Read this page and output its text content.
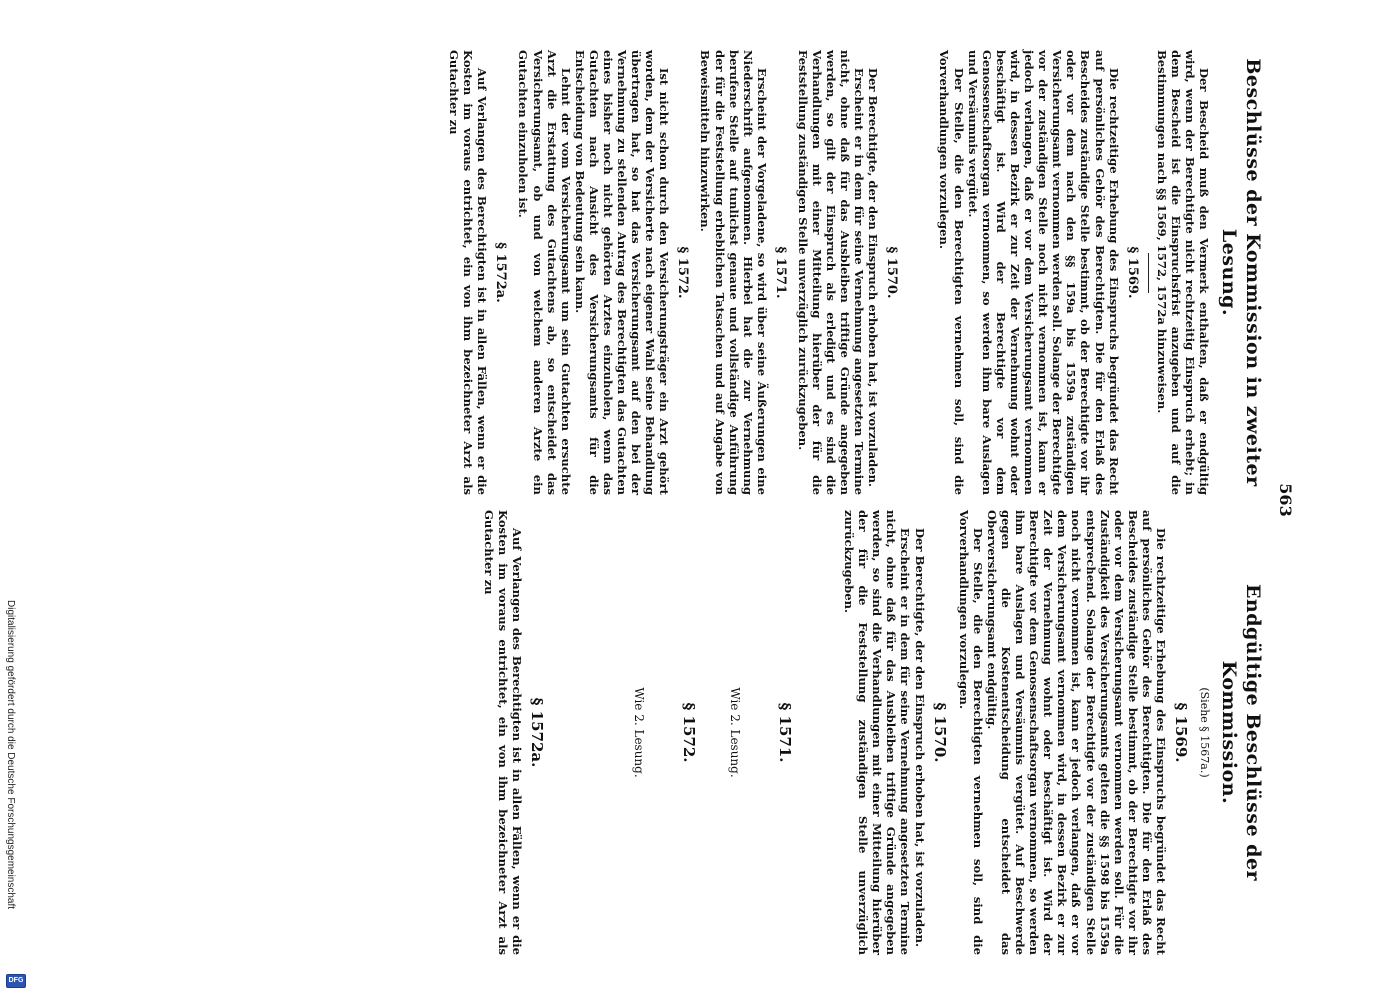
563
Beschlüsse der Kommission in zweiter Lesung.

Der Bescheid muß den Vermerk enthalten, daß er endgültig wird, wenn der Berechtigte nicht rechtzeitig Einspruch erhebt; in dem Bescheid ist die Einspruchsfrist anzugeben und auf die Bestimmungen nach §§ 1569, 1572, 1572a hinzuweisen.

§ 1569.

Die rechtzeitige Erhebung des Einspruchs begründet das Recht auf persönliches Gehör des Berechtigten. Die für den Erlaß des Bescheides zuständige Stelle bestimmt, ob der Berechtigte vor ihr oder vor dem nach den §§ 159a bis 1559a zuständigen Versicherungsamt vernommen werden soll. Solange der Berechtigte vor der zuständigen Stelle noch nicht vernommen ist, kann er jedoch verlangen, daß er vor dem Versicherungsamt vernommen wird, in dessen Bezirk er zur Zeit der Vernehmung wohnt oder beschäftigt ist. Wird der Berechtigte vor dem Genossenschaftsorgan vernommen, so werden ihm bare Auslagen und Versäumnis vergütet.

Der Stelle, die den Berechtigten vernehmen soll, sind die Vorverhandlungen vorzulegen.

§ 1570.

Der Berechtigte, der den Einspruch erhoben hat, ist vorzuladen.

Erscheint er in dem für seine Vernehmung angesetzten Termine nicht, ohne daß für das Ausbleiben triftige Gründe angegeben werden, so gilt der Einspruch als erledigt und es sind die Verhandlungen mit einer Mitteilung hierüber der für die Feststellung zuständigen Stelle unverzüglich zurückzugeben.

§ 1571.

Erscheint der Vorgeladene, so wird über seine Äußerungen eine Niederschrift aufgenommen. Hierbei hat die zur Vernehmung berufene Stelle auf tunlichst genaue und vollständige Anführung der für die Feststellung erheblichen Tatsachen und auf Angabe von Beweismitteln hinzuwirken.

§ 1572.

Ist nicht schon durch den Versicherungsträger ein Arzt gehört worden, dem der Versicherte nach eigener Wahl seine Behandlung übertragen hat, so hat das Versicherungsamt auf den bei der Vernehmung zu stellenden Antrag des Berechtigten das Gutachten eines bisher noch nicht gehörten Arztes einzuholen, wenn das Gutachten nach Ansicht des Versicherungsamts für die Entscheidung von Bedeutung sein kann.

Lehnt der vom Versicherungsamt um sein Gutachten ersuchte Arzt die Erstattung des Gutachtens ab, so entscheidet das Versicherungsamt, ob und von welchem anderen Arzte ein Gutachten einzuholen ist.

§ 1572a.

Auf Verlangen des Berechtigten ist in allen Fällen, wenn er die Kosten im voraus entrichtet, ein von ihm bezeichneter Arzt als Gutachter zu

Endgültige Beschlüsse der Kommission.
(Siehe § 1567a.)
§ 1569.

Die rechtzeitige Erhebung des Einspruchs begründet das Recht auf persönliches Gehör des Berechtigten. Die für den Erlaß des Bescheides zuständige Stelle bestimmt, ob der Berechtigte vor ihr oder vor dem Versicherungsamt vernommen werden soll. Für die Zuständigkeit des Versicherungsamts gelten die §§ 1598 bis 1559a entsprechend. Solange der Berechtigte vor der zuständigen Stelle noch nicht vernommen ist, kann er jedoch verlangen, daß er vor dem Versicherungsamt vernommen wird, in dessen Bezirk er zur Zeit der Vernehmung wohnt oder beschäftigt ist. Wird der Berechtigte vor dem Genossenschaftsorgan vernommen, so werden ihm bare Auslagen und Versäumnis vergütet. Auf Beschwerde gegen die Kostenentscheidung entscheidet das Oberversicherungsamt endgültig.

Der Stelle, die den Berechtigten vernehmen soll, sind die Vorverhandlungen vorzulegen.

§ 1570.

Der Berechtigte, der den Einspruch erhoben hat, ist vorzuladen.

Erscheint er in dem für seine Vernehmung angesetzten Termine nicht, ohne daß für das Ausbleiben triftige Gründe angegeben werden, so sind die Verhandlungen mit einer Mitteilung hierüber der für die Feststellung zuständigen Stelle unverzüglich zurückzugeben.

§ 1571.
Wie 2. Lesung.
§ 1572.
Wie 2. Lesung.
§ 1572a.

Auf Verlangen des Berechtigten ist in allen Fällen, wenn er die Kosten im voraus entrichtet, ein von ihm bezeichneter Arzt als Gutachter zu

DFG
Digitalisierung gefördert durch die Deutsche Forschungsgemeinschaft
